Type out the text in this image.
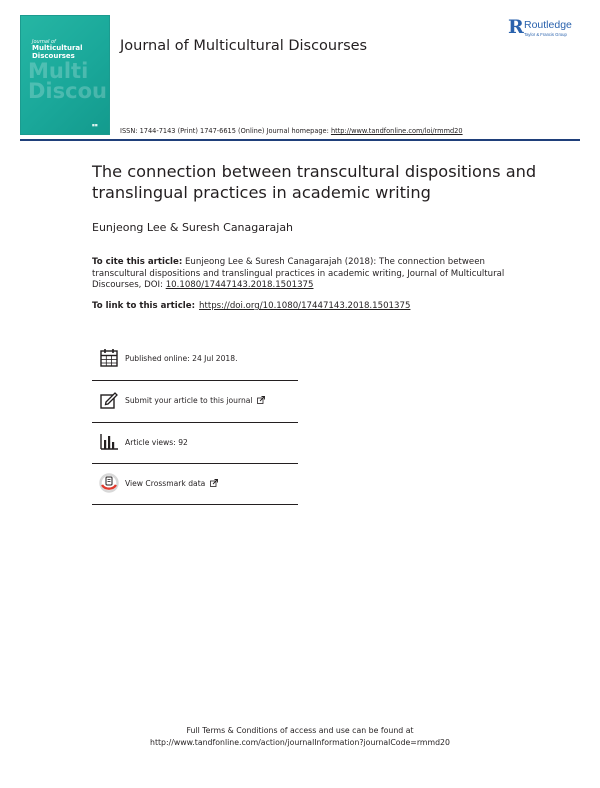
Journal of
Multicultural Discourses
Multi Discou
■■
Journal of Multicultural Discourses
R Routledge
Taylor & Francis Group
ISSN: 1744-7143 (Print) 1747-6615 (Online) Journal homepage: http://www.tandfonline.com/loi/rmmd20
The connection between transcultural dispositions and translingual practices in academic writing
Eunjeong Lee & Suresh Canagarajah
To cite this article: Eunjeong Lee & Suresh Canagarajah (2018): The connection between transcultural dispositions and translingual practices in academic writing, Journal of Multicultural Discourses, DOI: 10.1080/17447143.2018.1501375
To link to this article: https://doi.org/10.1080/17447143.2018.1501375
Published online: 24 Jul 2018.
Submit your article to this journal
Article views: 92
View Crossmark data
Full Terms & Conditions of access and use can be found at
http://www.tandfonline.com/action/journalInformation?journalCode=rmmd20
